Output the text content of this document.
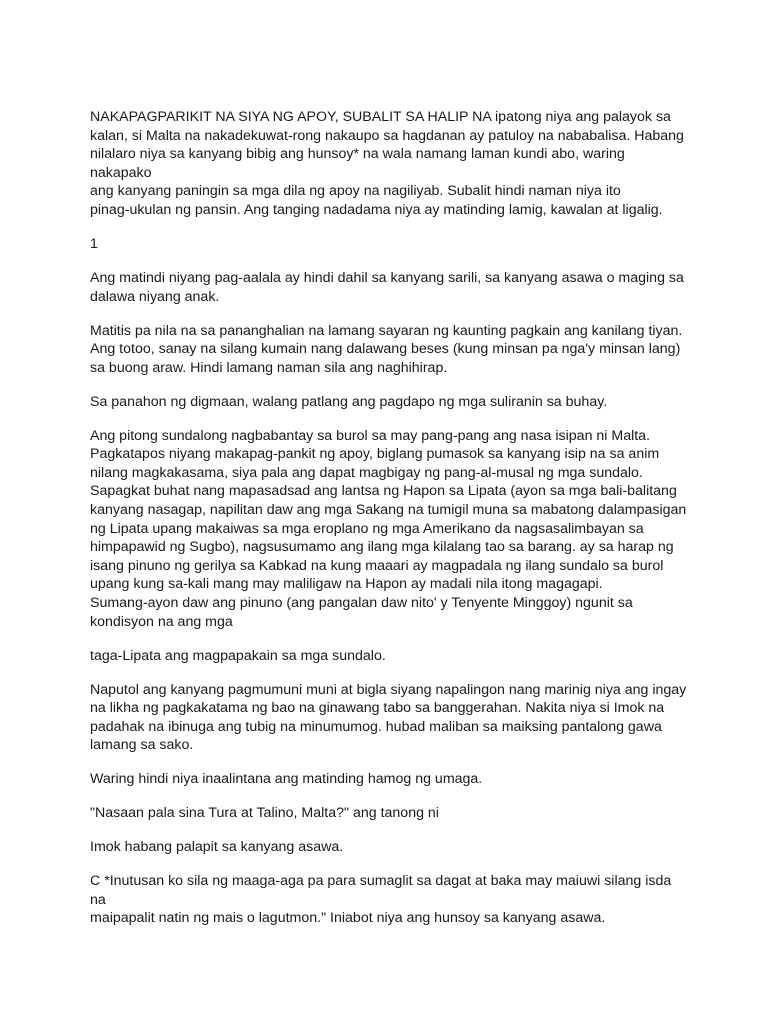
NAKAPAGPARIKIT NA SIYA NG APOY, SUBALIT SA HALIP NA ipatong niya ang palayok sa
kalan, si Malta na nakadekuwat-rong nakaupo sa hagdanan ay patuloy na nababalisa. Habang
nilalaro niya sa kanyang bibig ang hunsoy* na wala namang laman kundi abo, waring nakapako
ang kanyang paningin sa mga dila ng apoy na nagiliyab. Subalit hindi naman niya ito
pinag-ukulan ng pansin. Ang tanging nadadama niya ay matinding lamig, kawalan at ligalig.

1

Ang matindi niyang pag-aalala ay hindi dahil sa kanyang sarili, sa kanyang asawa o maging sa
dalawa niyang anak.

Matitis pa nila na sa pananghalian na lamang sayaran ng kaunting pagkain ang kanilang tiyan.
Ang totoo, sanay na silang kumain nang dalawang beses (kung minsan pa nga'y minsan lang)
sa buong araw. Hindi lamang naman sila ang naghihirap.

Sa panahon ng digmaan, walang patlang ang pagdapo ng mga suliranin sa buhay.

Ang pitong sundalong nagbabantay sa burol sa may pang-pang ang nasa isipan ni Malta.
Pagkatapos niyang makapag-pankit ng apoy, biglang pumasok sa kanyang isip na sa anim
nilang magkakasama, siya pala ang dapat magbigay ng pang-al-musal ng mga sundalo.
Sapagkat buhat nang mapasadsad ang lantsa ng Hapon sa Lipata (ayon sa mga bali-balitang
kanyang nasagap, napilitan daw ang mga Sakang na tumigil muna sa mabatong dalampasigan
ng Lipata upang makaiwas sa mga eroplano ng mga Amerikano da nagsasalimbayan sa
himpapawid ng Sugbo), nagsusumamo ang ilang mga kilalang tao sa barang. ay sa harap ng
isang pinuno ng gerilya sa Kabkad na kung maaari ay magpadala ng ilang sundalo sa burol
upang kung sa-kali mang may maliligaw na Hapon ay madali nila itong magagapi.
Sumang-ayon daw ang pinuno (ang pangalan daw nito' y Tenyente Minggoy) ngunit sa
kondisyon na ang mga

taga-Lipata ang magpapakain sa mga sundalo.

Naputol ang kanyang pagmumuni muni at bigla siyang napalingon nang marinig niya ang ingay
na likha ng pagkakatama ng bao na ginawang tabo sa banggerahan. Nakita niya si Imok na
padahak na ibinuga ang tubig na minumumog. hubad maliban sa maiksing pantalong gawa
lamang sa sako.

Waring hindi niya inaalintana ang matinding hamog ng umaga.

"Nasaan pala sina Tura at Talino, Malta?" ang tanong ni

Imok habang palapit sa kanyang asawa.

C *Inutusan ko sila ng maaga-aga pa para sumaglit sa dagat at baka may maiuwi silang isda na
maipapalit natin ng mais o lagutmon." Iniabot niya ang hunsoy sa kanyang asawa.
